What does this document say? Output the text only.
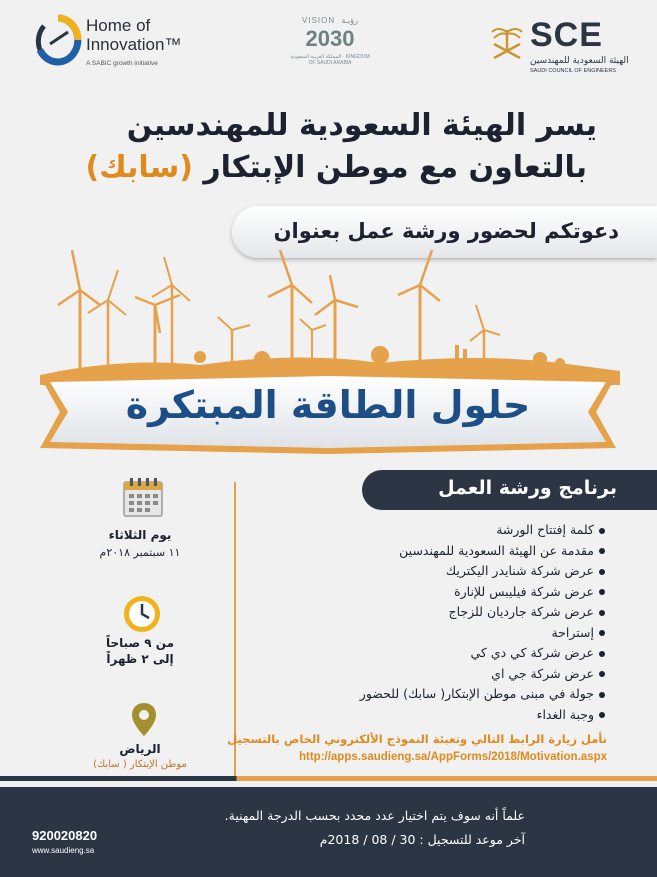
Home of
Innovation™
A SABIC growth initiative
VISION رؤيـة
2030
المملكة العربية السعودية · KINGDOM OF SAUDI ARABIA
SCE
الهيئة السعودية للمهندسين
SAUDI COUNCIL OF ENGINEERS
يسر الهيئة السعودية للمهندسين
بالتعاون مع موطن الإبتكار (سابك)
دعوتكم لحضور ورشة عمل بعنوان
حلول الطاقة المبتكرة
يوم الثلاثاء
١١ سبتمبر ٢٠١٨م
من ٩ صباحاً
إلى ٢ ظهراً
الرياض
موطن الإبتكار ( سابك)
برنامج ورشة العمل
كلمة إفتتاح الورشة
مقدمة عن الهيئة السعودية للمهندسين
عرض شركة شنايدر اليكتريك
عرض شركة فيليبس للإنارة
عرض شركة جارديان للزجاج
إستراحة
عرض شركة كي دي كي
عرض شركة جي اي
جولة في مبنى موطن الإبتكار( سابك) للحضور
وجبة الغداء
نأمل زيارة الرابط التالي وتعبئة النموذج الألكتروني الخاص بالتسجيل
http://apps.saudieng.sa/AppForms/2018/Motivation.aspx
علماً أنه سوف يتم اختيار عدد محدد بحسب الدرجة المهنية.
آخر موعد للتسجيل : 30 / 08 / 2018م
920020820
www.saudieng.sa
